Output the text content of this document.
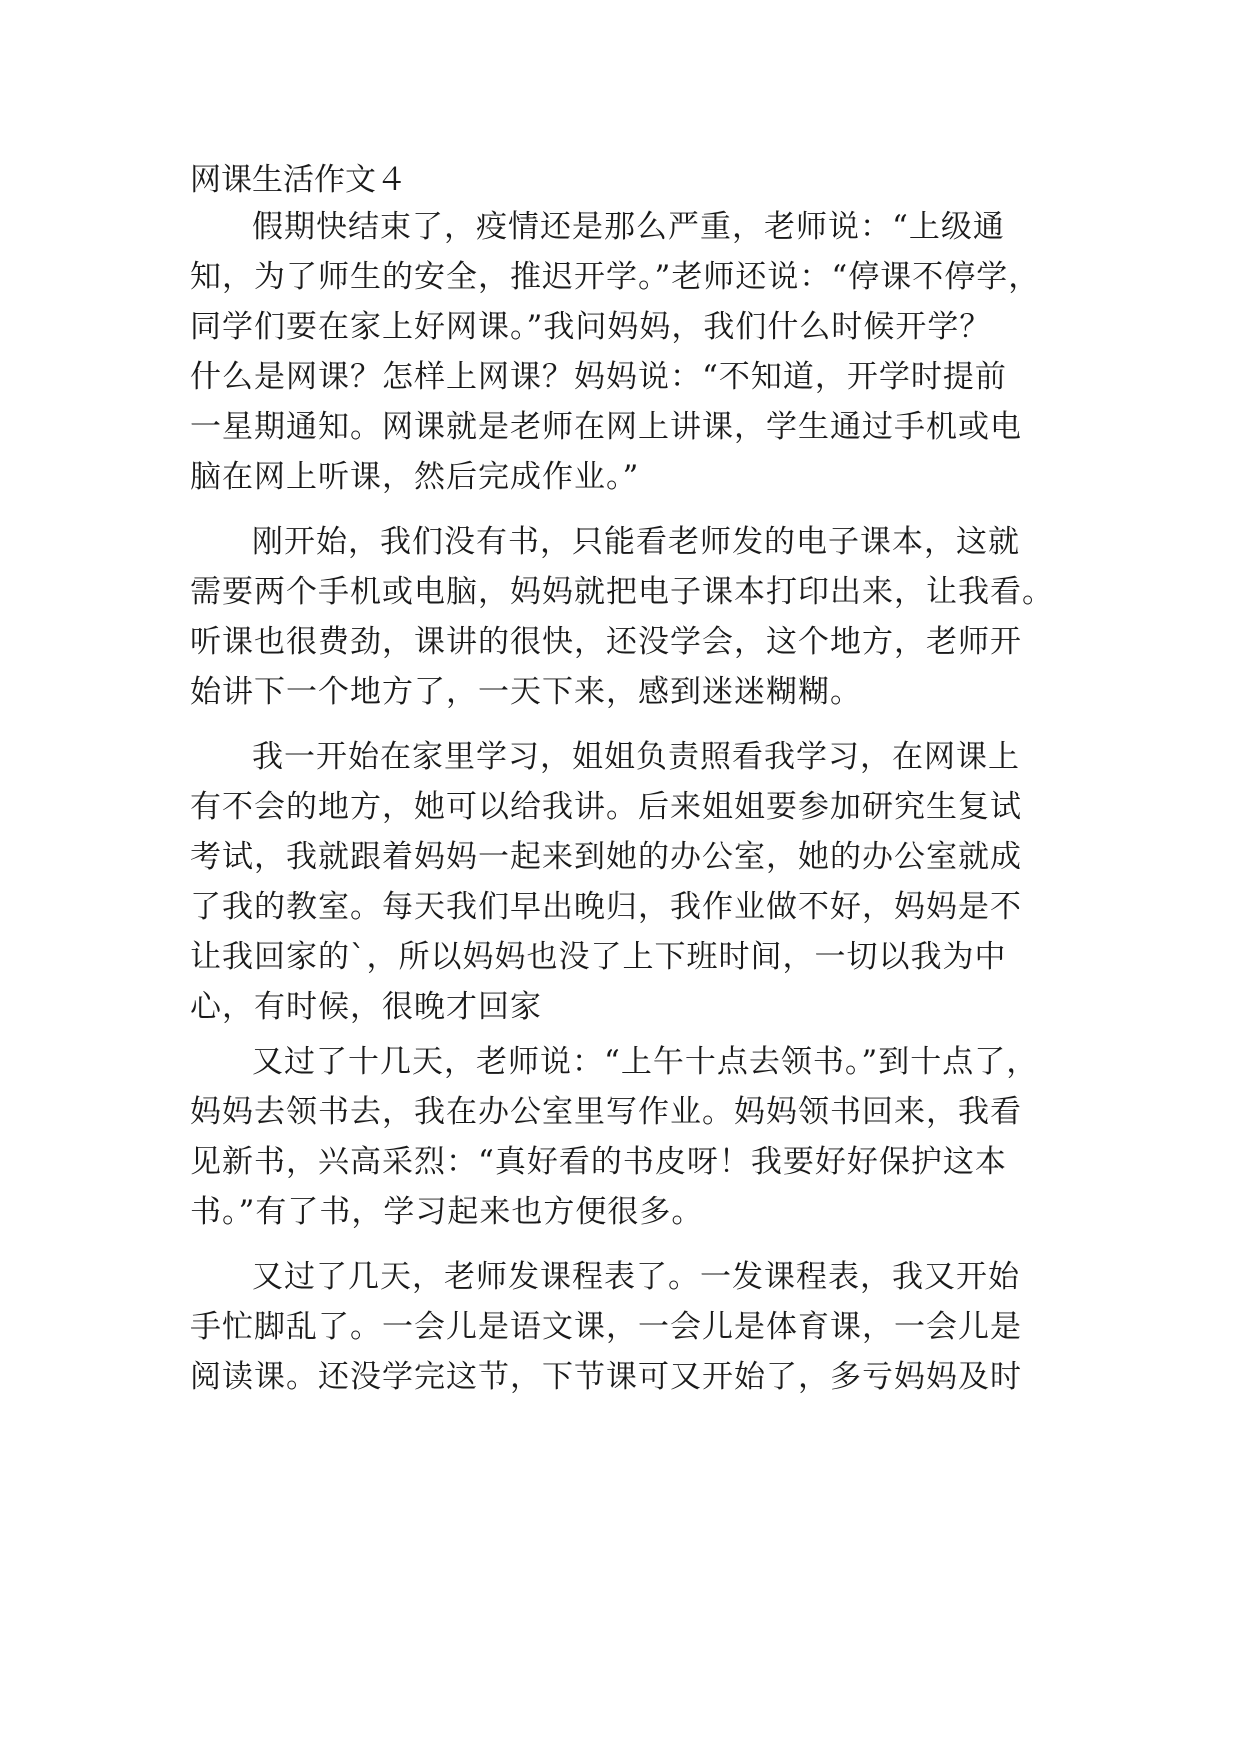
网课生活作文４
假期快结束了，疫情还是那么严重，老师说：“上级通
知，为了师生的安全，推迟开学。”老师还说：“停课不停学，
同学们要在家上好网课。”我问妈妈，我们什么时候开学？
什么是网课？怎样上网课？妈妈说：“不知道，开学时提前
一星期通知。网课就是老师在网上讲课，学生通过手机或电
脑在网上听课，然后完成作业。”
刚开始，我们没有书，只能看老师发的电子课本，这就
需要两个手机或电脑，妈妈就把电子课本打印出来，让我看。
听课也很费劲，课讲的很快，还没学会，这个地方，老师开
始讲下一个地方了，一天下来，感到迷迷糊糊。
我一开始在家里学习，姐姐负责照看我学习，在网课上
有不会的地方，她可以给我讲。后来姐姐要参加研究生复试
考试，我就跟着妈妈一起来到她的办公室，她的办公室就成
了我的教室。每天我们早出晚归，我作业做不好，妈妈是不
让我回家的`，所以妈妈也没了上下班时间，一切以我为中
心，有时候，很晚才回家
又过了十几天，老师说：“上午十点去领书。”到十点了，
妈妈去领书去，我在办公室里写作业。妈妈领书回来，我看
见新书，兴高采烈：“真好看的书皮呀！我要好好保护这本
书。”有了书，学习起来也方便很多。
又过了几天，老师发课程表了。一发课程表，我又开始
手忙脚乱了。一会儿是语文课，一会儿是体育课，一会儿是
阅读课。还没学完这节，下节课可又开始了，多亏妈妈及时
